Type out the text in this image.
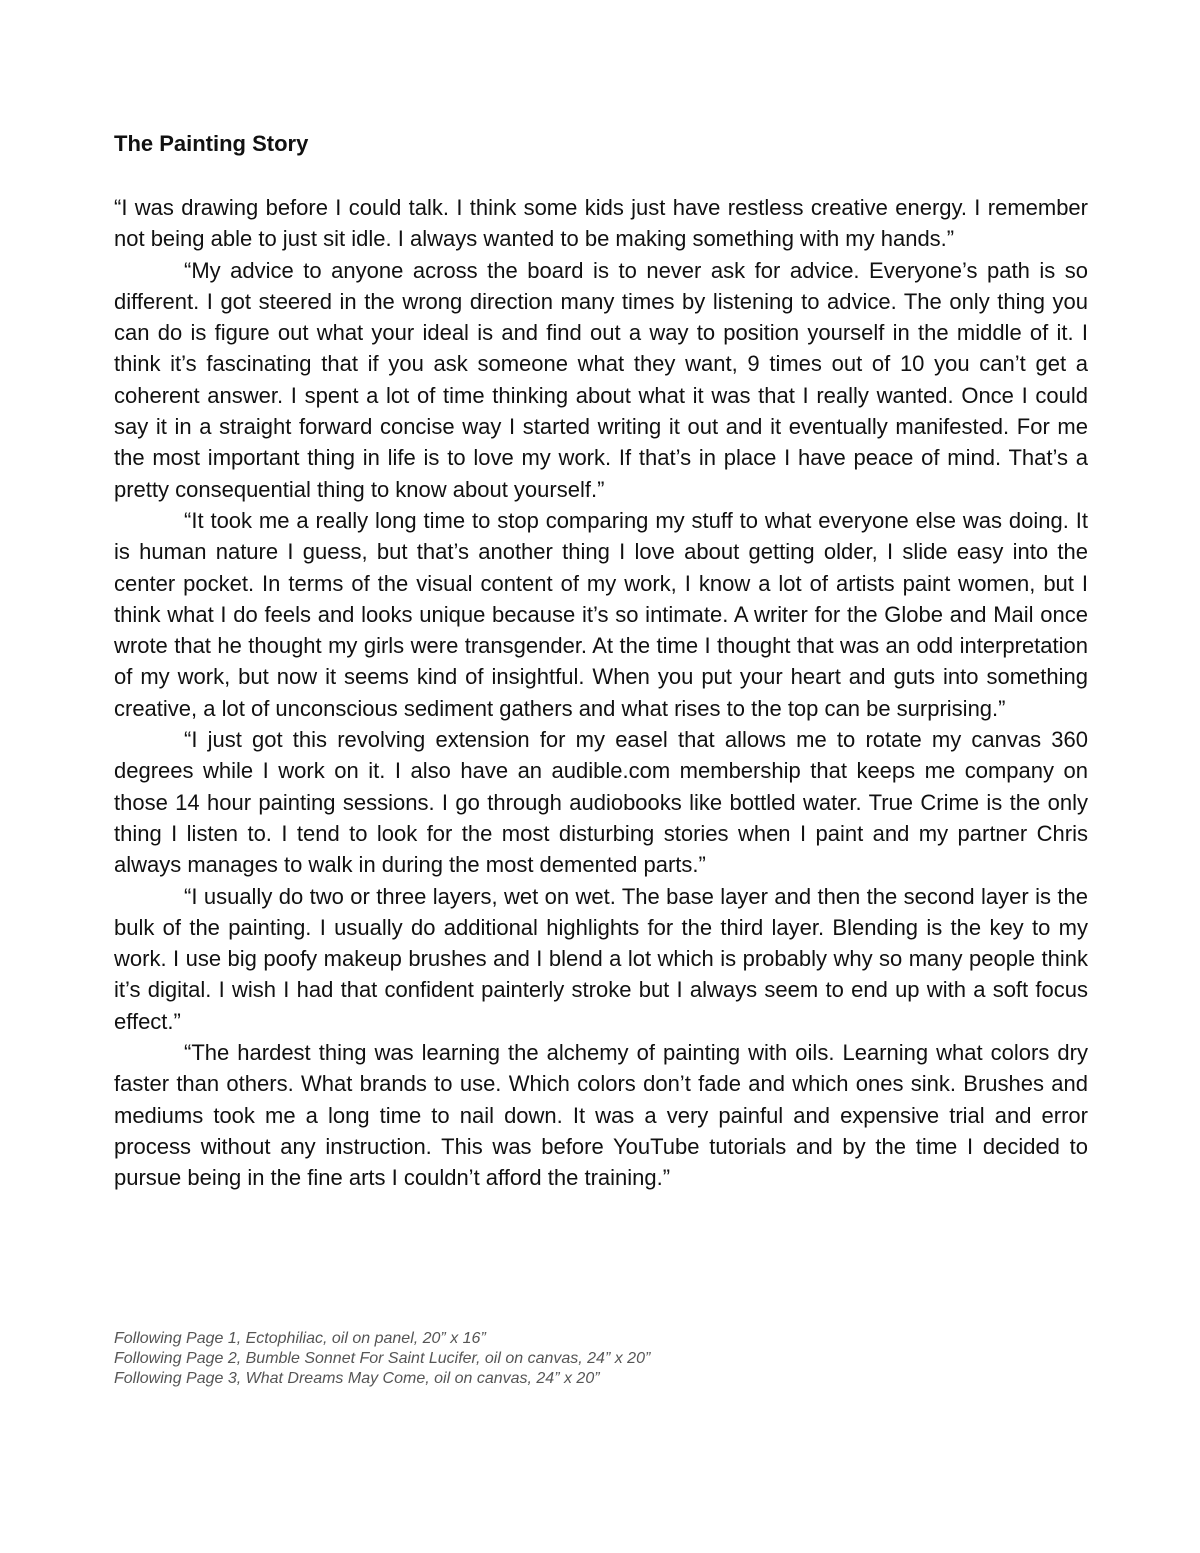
The Painting Story

“I was drawing before I could talk. I think some kids just have restless creative energy. I remember not being able to just sit idle. I always wanted to be making something with my hands.”

“My advice to anyone across the board is to never ask for advice. Everyone’s path is so different. I got steered in the wrong direction many times by listening to advice. The only thing you can do is figure out what your ideal is and find out a way to position yourself in the middle of it. I think it’s fascinating that if you ask someone what they want, 9 times out of 10 you can’t get a coherent answer. I spent a lot of time thinking about what it was that I really wanted. Once I could say it in a straight forward concise way I started writing it out and it eventually manifested. For me the most important thing in life is to love my work. If that’s in place I have peace of mind. That’s a pretty consequential thing to know about yourself.”

“It took me a really long time to stop comparing my stuff to what everyone else was doing. It is human nature I guess, but that’s another thing I love about getting older, I slide easy into the center pocket. In terms of the visual content of my work, I know a lot of artists paint women, but I think what I do feels and looks unique because it’s so intimate. A writer for the Globe and Mail once wrote that he thought my girls were transgender. At the time I thought that was an odd interpretation of my work, but now it seems kind of insightful. When you put your heart and guts into something creative, a lot of unconscious sediment gathers and what rises to the top can be surprising.”

“I just got this revolving extension for my easel that allows me to rotate my canvas 360 degrees while I work on it. I also have an audible.com membership that keeps me company on those 14 hour painting sessions. I go through audiobooks like bottled water. True Crime is the only thing I listen to. I tend to look for the most disturbing stories when I paint and my partner Chris always manages to walk in during the most demented parts.”

“I usually do two or three layers, wet on wet. The base layer and then the second layer is the bulk of the painting. I usually do additional highlights for the third layer. Blending is the key to my work. I use big poofy makeup brushes and I blend a lot which is probably why so many people think it’s digital. I wish I had that confident painterly stroke but I always seem to end up with a soft focus effect.”

“The hardest thing was learning the alchemy of painting with oils. Learning what colors dry faster than others. What brands to use. Which colors don’t fade and which ones sink. Brushes and mediums took me a long time to nail down. It was a very painful and expensive trial and error process without any instruction. This was before YouTube tutorials and by the time I decided to pursue being in the fine arts I couldn’t afford the training.”

Following Page 1, Ectophiliac, oil on panel, 20” x 16”
Following Page 2, Bumble Sonnet For Saint Lucifer, oil on canvas, 24” x 20”
Following Page 3, What Dreams May Come, oil on canvas, 24” x 20”
